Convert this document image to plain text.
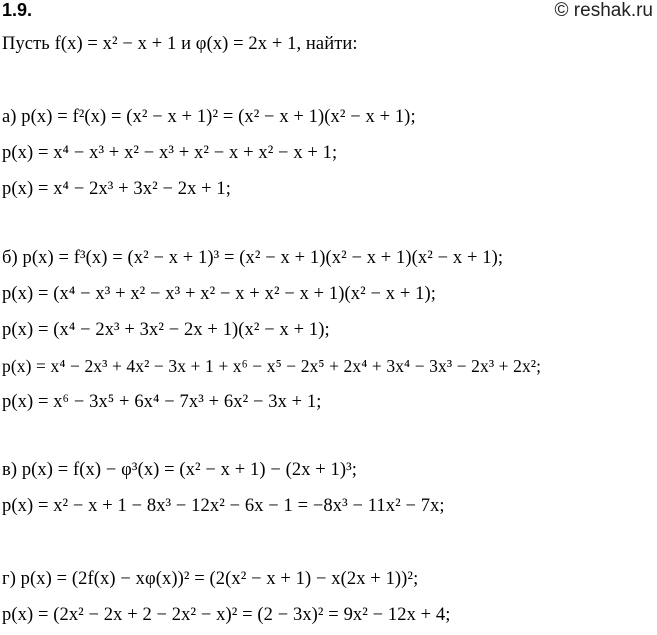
1.9.	© reshak.ru
Пусть f(x) = x² − x + 1 и φ(x) = 2x + 1, найти:
а) p(x) = f²(x) = (x² − x + 1)² = (x² − x + 1)(x² − x + 1);
p(x) = x⁴ − x³ + x² − x³ + x² − x + x² − x + 1;
p(x) = x⁴ − 2x³ + 3x² − 2x + 1;
б) p(x) = f³(x) = (x² − x + 1)³ = (x² − x + 1)(x² − x + 1)(x² − x + 1);
p(x) = (x⁴ − x³ + x² − x³ + x² − x + x² − x + 1)(x² − x + 1);
p(x) = (x⁴ − 2x³ + 3x² − 2x + 1)(x² − x + 1);
p(x) = x⁴ − 2x³ + 4x² − 3x + 1 + x⁶ − x⁵ − 2x⁵ + 2x⁴ + 3x⁴ − 3x³ − 2x³ + 2x²;
p(x) = x⁶ − 3x⁵ + 6x⁴ − 7x³ + 6x² − 3x + 1;
в) p(x) = f(x) − φ³(x) = (x² − x + 1) − (2x + 1)³;
p(x) = x² − x + 1 − 8x³ − 12x² − 6x − 1 = −8x³ − 11x² − 7x;
г) p(x) = (2f(x) − xφ(x))² = (2(x² − x + 1) − x(2x + 1))²;
p(x) = (2x² − 2x + 2 − 2x² − x)² = (2 − 3x)² = 9x² − 12x + 4;
